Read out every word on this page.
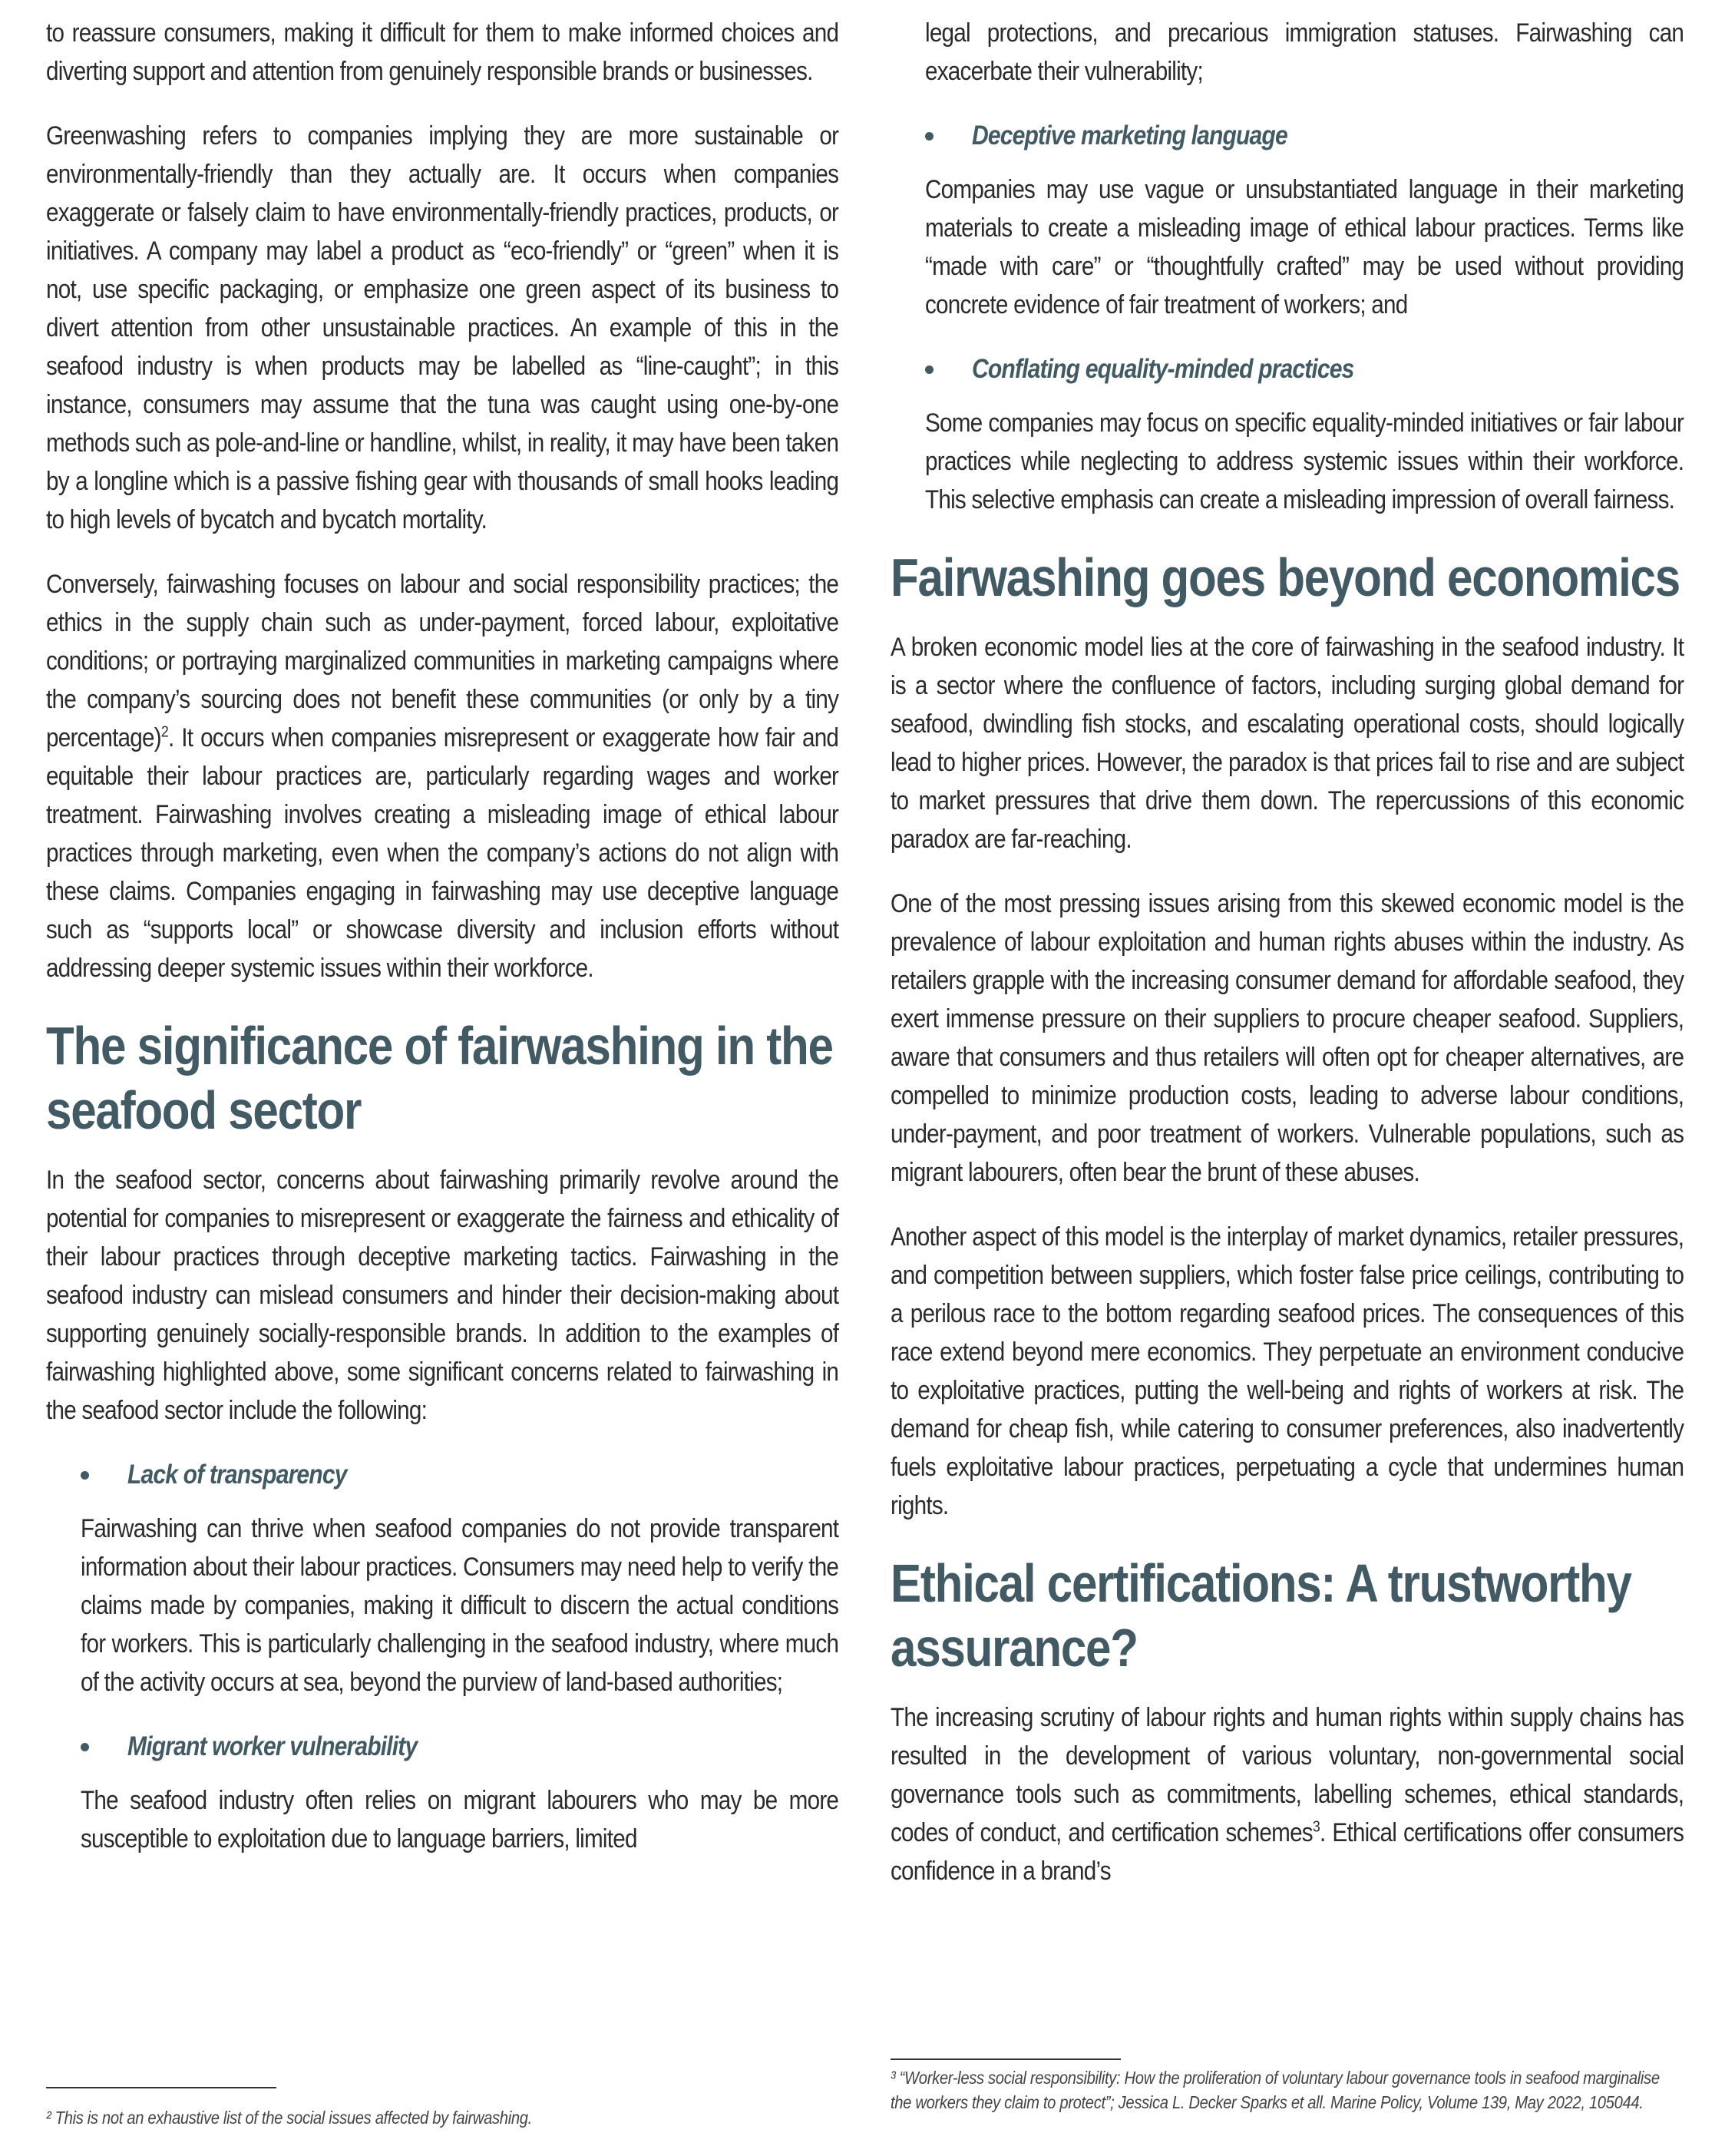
to reassure consumers, making it difficult for them to make informed choices and diverting support and attention from genuinely responsible brands or businesses.

Greenwashing refers to companies implying they are more sustainable or environmentally-friendly than they actually are. It occurs when companies exaggerate or falsely claim to have environmentally-friendly practices, products, or initiatives. A company may label a product as “eco-friendly” or “green” when it is not, use specific packaging, or emphasize one green aspect of its business to divert attention from other unsustainable practices. An example of this in the seafood industry is when products may be labelled as “line-caught”; in this instance, consumers may assume that the tuna was caught using one-by-one methods such as pole-and-line or handline, whilst, in reality, it may have been taken by a longline which is a passive fishing gear with thousands of small hooks leading to high levels of bycatch and bycatch mortality.

Conversely, fairwashing focuses on labour and social responsibility practices; the ethics in the supply chain such as under-payment, forced labour, exploitative conditions; or portraying marginalized communities in marketing campaigns where the company’s sourcing does not benefit these communities (or only by a tiny percentage)$^2$. It occurs when companies misrepresent or exaggerate how fair and equitable their labour practices are, particularly regarding wages and worker treatment. Fairwashing involves creating a misleading image of ethical labour practices through marketing, even when the company’s actions do not align with these claims. Companies engaging in fairwashing may use deceptive language such as “supports local” or showcase diversity and inclusion efforts without addressing deeper systemic issues within their workforce.

The significance of fairwashing in the seafood sector

In the seafood sector, concerns about fairwashing primarily revolve around the potential for companies to misrepresent or exaggerate the fairness and ethicality of their labour practices through deceptive marketing tactics. Fairwashing in the seafood industry can mislead consumers and hinder their decision-making about supporting genuinely socially-responsible brands. In addition to the examples of fairwashing highlighted above, some significant concerns related to fairwashing in the seafood sector include the following:

Lack of transparency

Fairwashing can thrive when seafood companies do not provide transparent information about their labour practices. Consumers may need help to verify the claims made by companies, making it difficult to discern the actual conditions for workers. This is particularly challenging in the seafood industry, where much of the activity occurs at sea, beyond the purview of land-based authorities;

Migrant worker vulnerability

The seafood industry often relies on migrant labourers who may be more susceptible to exploitation due to language barriers, limited

legal protections, and precarious immigration statuses. Fairwashing can exacerbate their vulnerability;

Deceptive marketing language

Companies may use vague or unsubstantiated language in their marketing materials to create a misleading image of ethical labour practices. Terms like “made with care” or “thoughtfully crafted” may be used without providing concrete evidence of fair treatment of workers; and

Conflating equality-minded practices

Some companies may focus on specific equality-minded initiatives or fair labour practices while neglecting to address systemic issues within their workforce. This selective emphasis can create a misleading impression of overall fairness.

Fairwashing goes beyond economics

A broken economic model lies at the core of fairwashing in the seafood industry. It is a sector where the confluence of factors, including surging global demand for seafood, dwindling fish stocks, and escalating operational costs, should logically lead to higher prices. However, the paradox is that prices fail to rise and are subject to market pressures that drive them down. The repercussions of this economic paradox are far-reaching.

One of the most pressing issues arising from this skewed economic model is the prevalence of labour exploitation and human rights abuses within the industry. As retailers grapple with the increasing consumer demand for affordable seafood, they exert immense pressure on their suppliers to procure cheaper seafood. Suppliers, aware that consumers and thus retailers will often opt for cheaper alternatives, are compelled to minimize production costs, leading to adverse labour conditions, under-payment, and poor treatment of workers. Vulnerable populations, such as migrant labourers, often bear the brunt of these abuses.

Another aspect of this model is the interplay of market dynamics, retailer pressures, and competition between suppliers, which foster false price ceilings, contributing to a perilous race to the bottom regarding seafood prices. The consequences of this race extend beyond mere economics. They perpetuate an environment conducive to exploitative practices, putting the well-being and rights of workers at risk. The demand for cheap fish, while catering to consumer preferences, also inadvertently fuels exploitative labour practices, perpetuating a cycle that undermines human rights.

Ethical certifications: A trustworthy assurance?

The increasing scrutiny of labour rights and human rights within supply chains has resulted in the development of various voluntary, non-governmental social governance tools such as commitments, labelling schemes, ethical standards, codes of conduct, and certification schemes$^3$. Ethical certifications offer consumers confidence in a brand’s

² This is not an exhaustive list of the social issues affected by fairwashing.
³ “Worker-less social responsibility: How the proliferation of voluntary labour governance tools in seafood marginalise the workers they claim to protect”; Jessica L. Decker Sparks et all. Marine Policy, Volume 139, May 2022, 105044.
